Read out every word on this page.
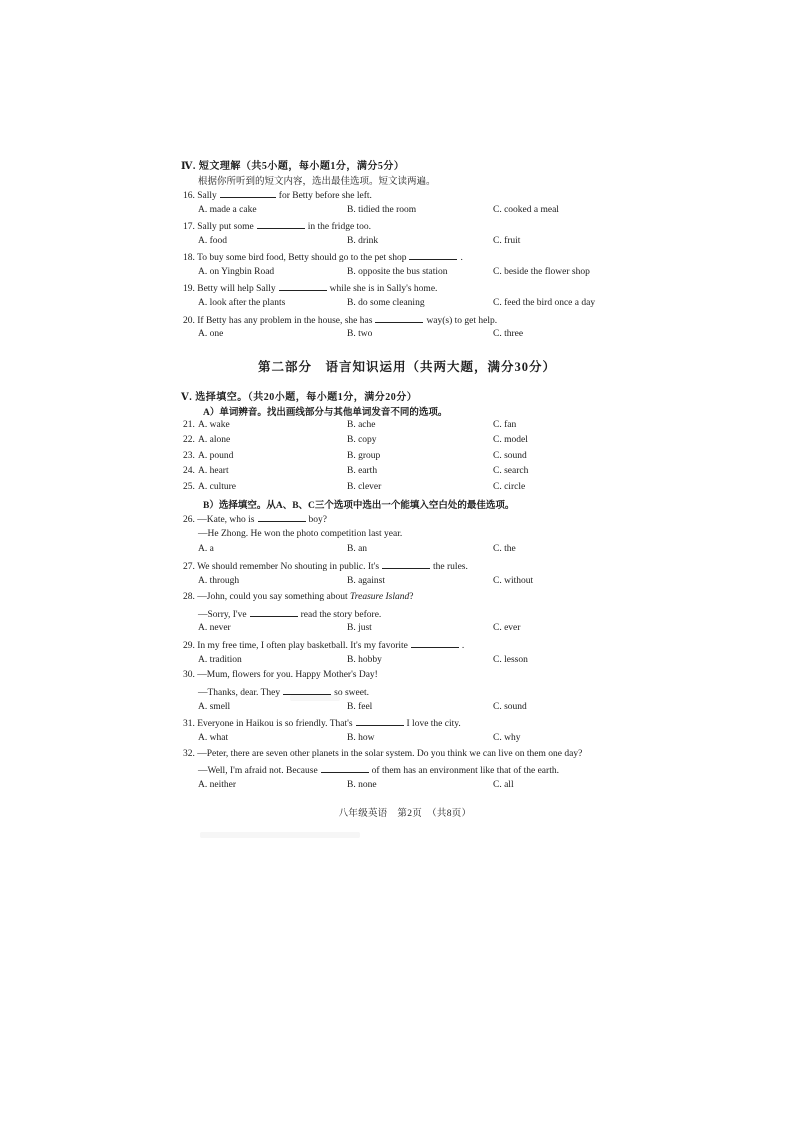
Ⅳ. 短文理解（共5小题，每小题1分，满分5分）
根据你所听到的短文内容，选出最佳选项。短文读两遍。
16. Sally	for Betty before she left.
A. made a cake	B. tidied the room	C. cooked a meal
17. Sally put some	in the fridge too.
A. food	B. drink	C. fruit
18. To buy some bird food, Betty should go to the pet shop	.
A. on Yingbin Road	B. opposite the bus station	C. beside the flower shop
19. Betty will help Sally	while she is in Sally's home.
A. look after the plants	B. do some cleaning	C. feed the bird once a day
20. If Betty has any problem in the house, she has	way(s) to get help.
A. one	B. two	C. three
第二部分　语言知识运用（共两大题，满分30分）
Ⅴ. 选择填空。（共20小题，每小题1分，满分20分）
A）单词辨音。找出画线部分与其他单词发音不同的选项。
21. A. wake	B. ache	C. fan
22. A. alone	B. copy	C. model
23. A. pound	B. group	C. sound
24. A. heart	B. earth	C. search
25. A. culture	B. clever	C. circle
B）选择填空。从A、B、C三个选项中选出一个能填入空白处的最佳选项。
26. —Kate, who is	boy?
—He Zhong. He won the photo competition last year.
A. a	B. an	C. the
27. We should remember No shouting in public. It's	the rules.
A. through	B. against	C. without
28. —John, could you say something about Treasure Island?
—Sorry, I've	read the story before.
A. never	B. just	C. ever
29. In my free time, I often play basketball. It's my favorite	.
A. tradition	B. hobby	C. lesson
30. —Mum, flowers for you. Happy Mother's Day!
—Thanks, dear. They	so sweet.
A. smell	B. feel	C. sound
31. Everyone in Haikou is so friendly. That's	I love the city.
A. what	B. how	C. why
32. —Peter, there are seven other planets in the solar system. Do you think we can live on them one day?
—Well, I'm afraid not. Because	of them has an environment like that of the earth.
A. neither	B. none	C. all
八年级英语　第2页　（共8页）
